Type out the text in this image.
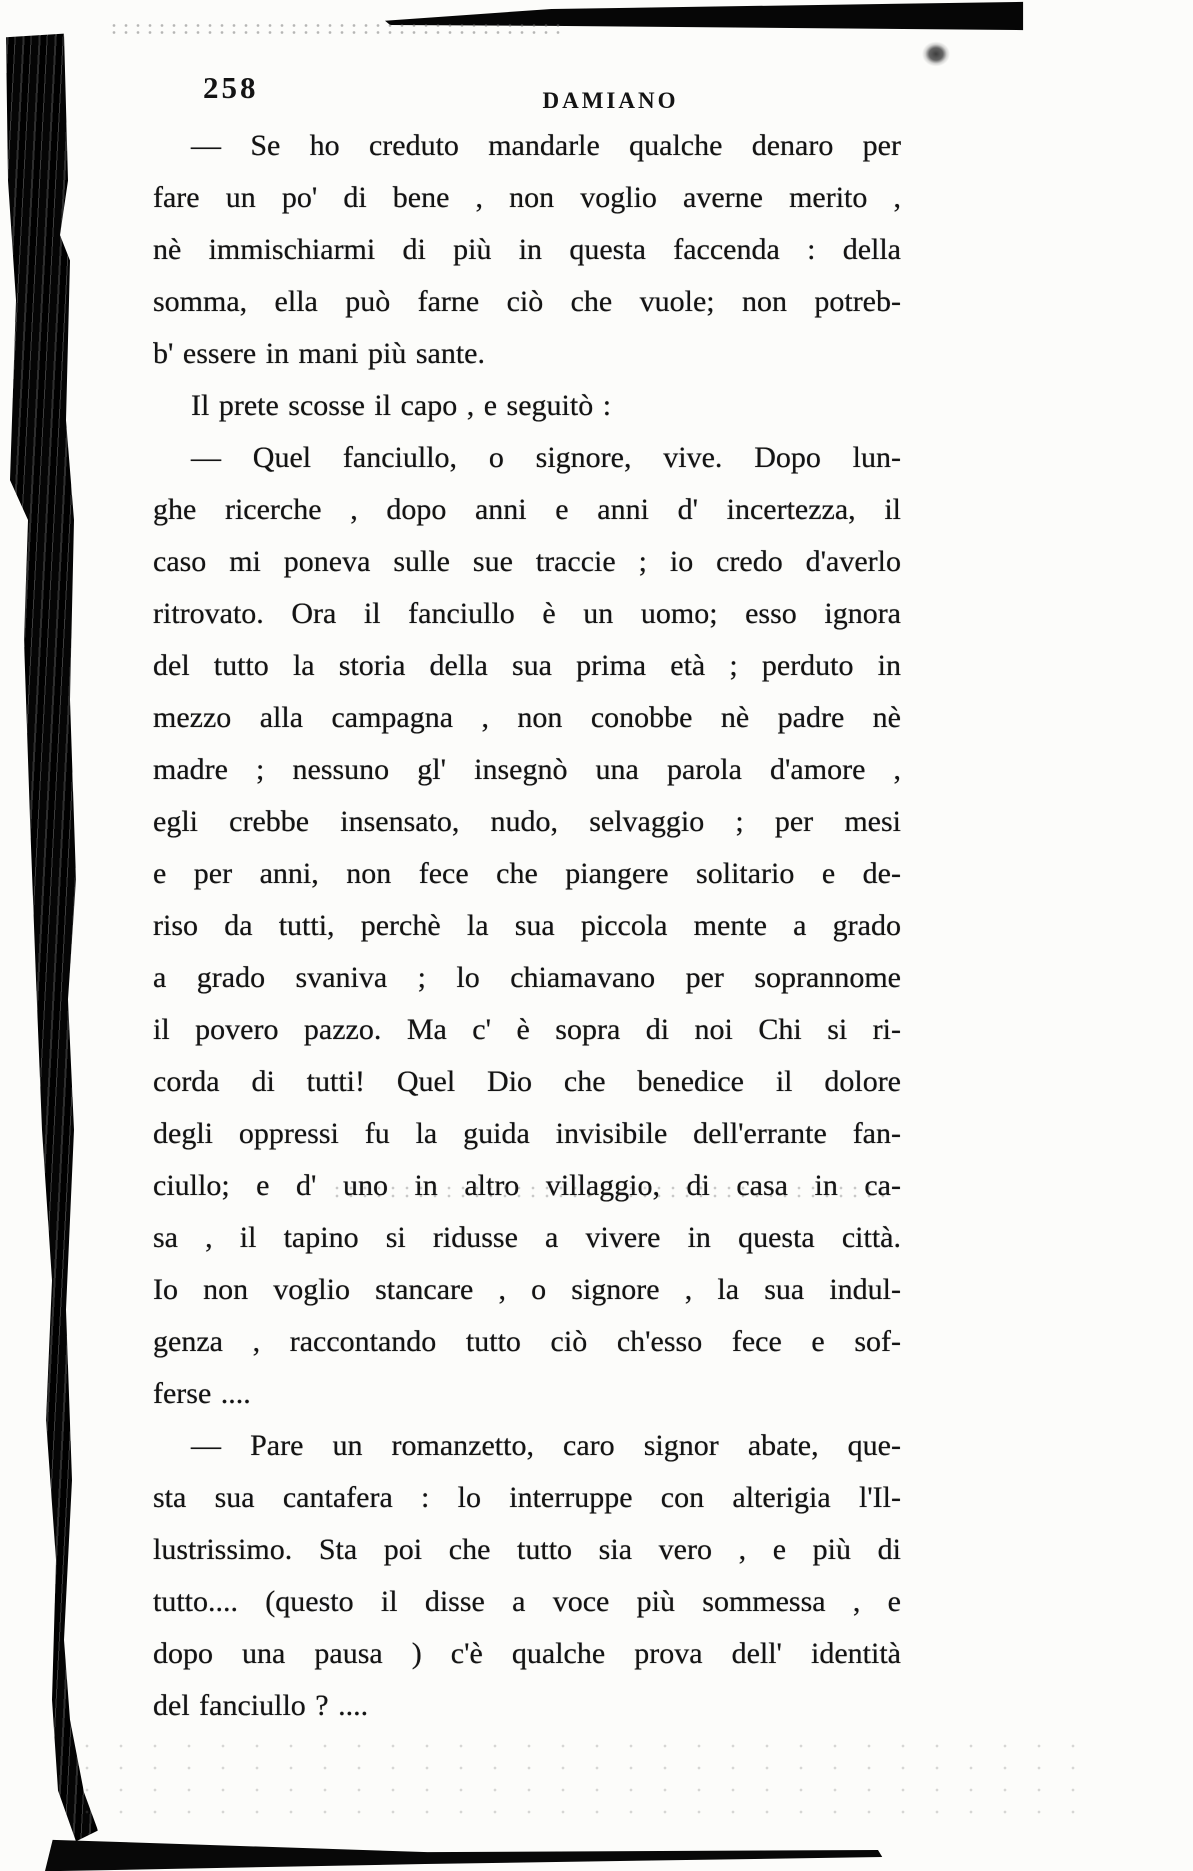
258	DAMIANO
— Se ho creduto mandarle qualche denaro per
fare un po' di bene , non voglio averne merito ,
nè immischiarmi di più in questa faccenda : della
somma, ella può farne ciò che vuole; non potreb-
b' essere in mani più sante.
Il prete scosse il capo , e seguitò :
— Quel fanciullo, o signore, vive. Dopo lun-
ghe ricerche , dopo anni e anni d' incertezza, il
caso mi poneva sulle sue traccie ; io credo d'averlo
ritrovato. Ora il fanciullo è un uomo; esso ignora
del tutto la storia della sua prima età ; perduto in
mezzo alla campagna , non conobbe nè padre nè
madre ; nessuno gl' insegnò una parola d'amore ,
egli crebbe insensato, nudo, selvaggio ; per mesi
e per anni, non fece che piangere solitario e de-
riso da tutti, perchè la sua piccola mente a grado
a grado svaniva ; lo chiamavano per soprannome
il povero pazzo. Ma c' è sopra di noi Chi si ri-
corda di tutti! Quel Dio che benedice il dolore
degli oppressi fu la guida invisibile dell'errante fan-
ciullo; e d' uno in altro villaggio, di casa in ca-
sa , il tapino si ridusse a vivere in questa città.
Io non voglio stancare , o signore , la sua indul-
genza , raccontando tutto ciò ch'esso fece e sof-
ferse ....
— Pare un romanzetto, caro signor abate, que-
sta sua cantafera : lo interruppe con alterigia l'Il-
lustrissimo. Sta poi che tutto sia vero , e più di
tutto.... (questo il disse a voce più sommessa , e
dopo una pausa ) c'è qualche prova dell' identità
del fanciullo ? ....
